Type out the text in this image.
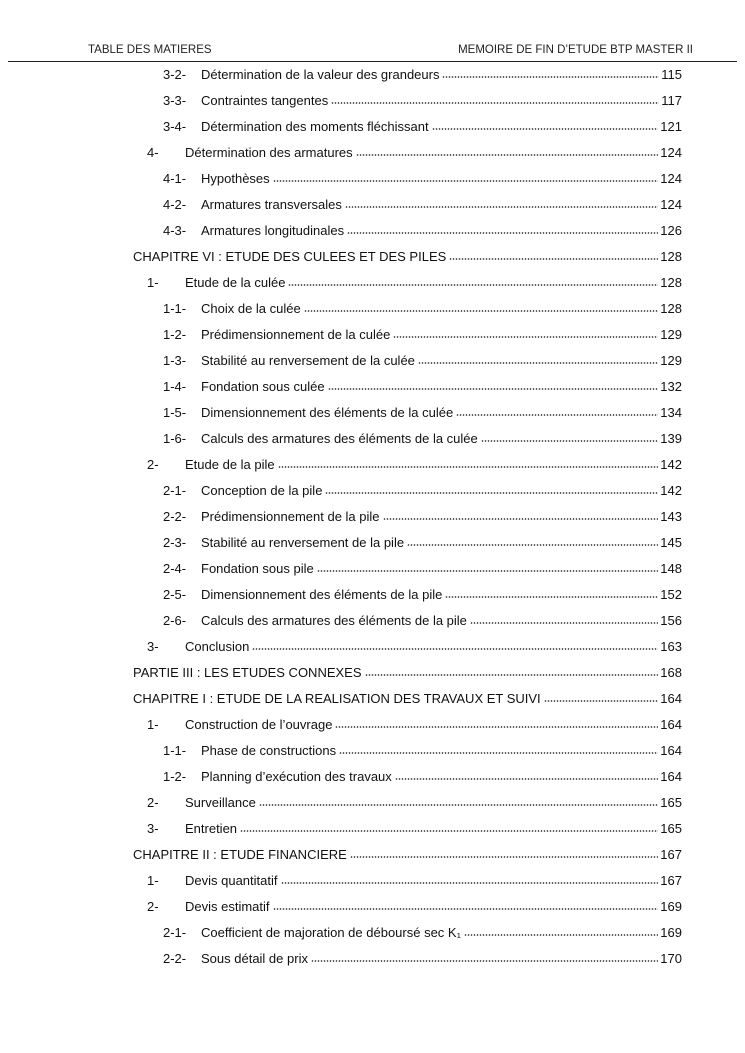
TABLE DES MATIERES	MEMOIRE DE FIN D’ETUDE BTP MASTER II
3-2-	Détermination de la valeur des grandeurs	115
3-3-	Contraintes tangentes	117
3-4-	Détermination des moments fléchissant	121
4-	Détermination des armatures	124
4-1-	Hypothèses	124
4-2-	Armatures transversales	124
4-3-	Armatures longitudinales	126
CHAPITRE VI : ETUDE DES CULEES ET DES PILES	128
1-	Etude de la culée	128
1-1-	Choix de la culée	128
1-2-	Prédimensionnement de la culée	129
1-3-	Stabilité au renversement de la culée	129
1-4-	Fondation sous culée	132
1-5-	Dimensionnement des éléments de la culée	134
1-6-	Calculs des armatures des éléments de la culée	139
2-	Etude de la pile	142
2-1-	Conception de la pile	142
2-2-	Prédimensionnement de la pile	143
2-3-	Stabilité au renversement de la pile	145
2-4-	Fondation sous pile	148
2-5-	Dimensionnement des éléments de la pile	152
2-6-	Calculs des armatures des éléments de la pile	156
3-	Conclusion	163
PARTIE III : LES ETUDES CONNEXES	168
CHAPITRE I : ETUDE DE LA REALISATION DES TRAVAUX ET SUIVI	164
1-	Construction de l’ouvrage	164
1-1-	Phase de constructions	164
1-2-	Planning d’exécution des travaux	164
2-	Surveillance	165
3-	Entretien	165
CHAPITRE II : ETUDE FINANCIERE	167
1-	Devis quantitatif	167
2-	Devis estimatif	169
2-1-	Coefficient de majoration de déboursé sec K₁	169
2-2-	Sous détail de prix	170
